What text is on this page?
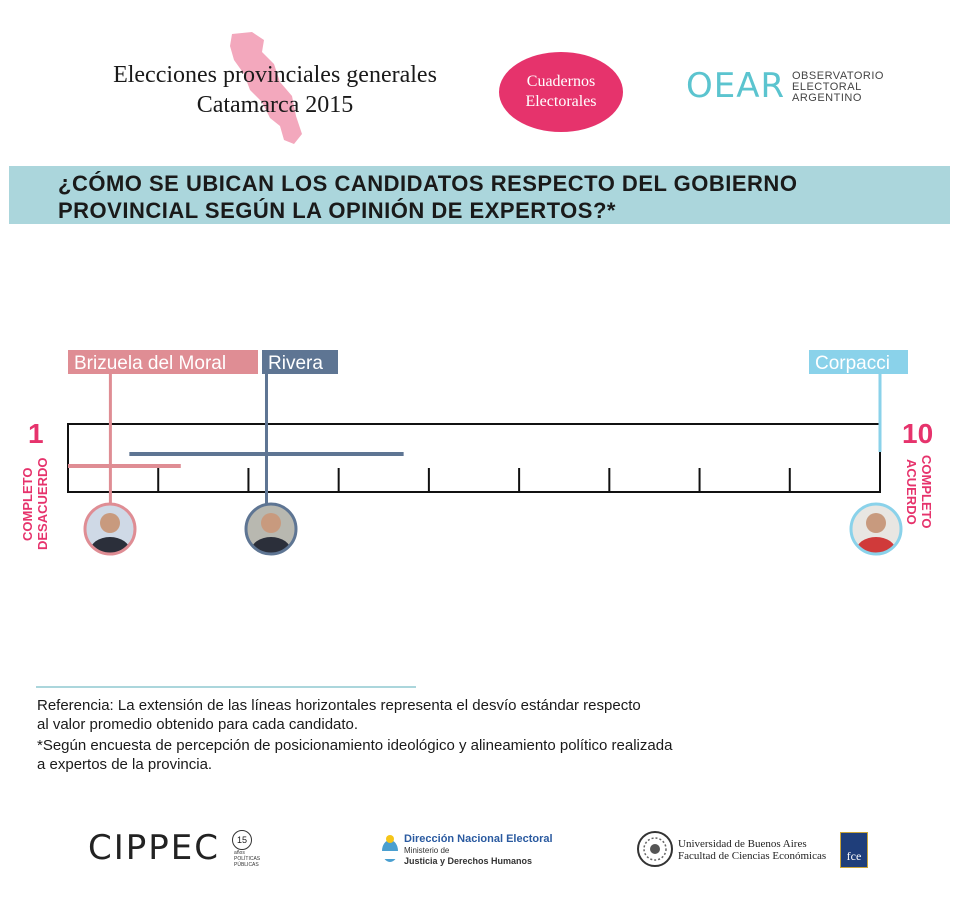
Elecciones provinciales generales
Catamarca 2015
Cuadernos
Electorales	OEAR OBSERVATORIO
ELECTORAL
ARGENTINO
¿CÓMO SE UBICAN LOS CANDIDATOS RESPECTO DEL GOBIERNO
PROVINCIAL SEGÚN LA OPINIÓN DE EXPERTOS?*
1
COMPLETO
DESACUERDO
10
COMPLETO
ACUERDO
Brizuela del Moral Rivera	Corpacci
Referencia: La extensión de las líneas horizontales representa el desvío estándar respecto
al valor promedio obtenido para cada candidato.
*Según encuesta de percepción de posicionamiento ideológico y alineamiento político realizada
a expertos de la provincia.
CIPPEC	15
años
POLÍTICAS
PÚBLICAS
Dirección Nacional Electoral
Ministerio de
Justicia y Derechos Humanos
Universidad de Buenos Aires
Facultad de Ciencias Económicas	fce
